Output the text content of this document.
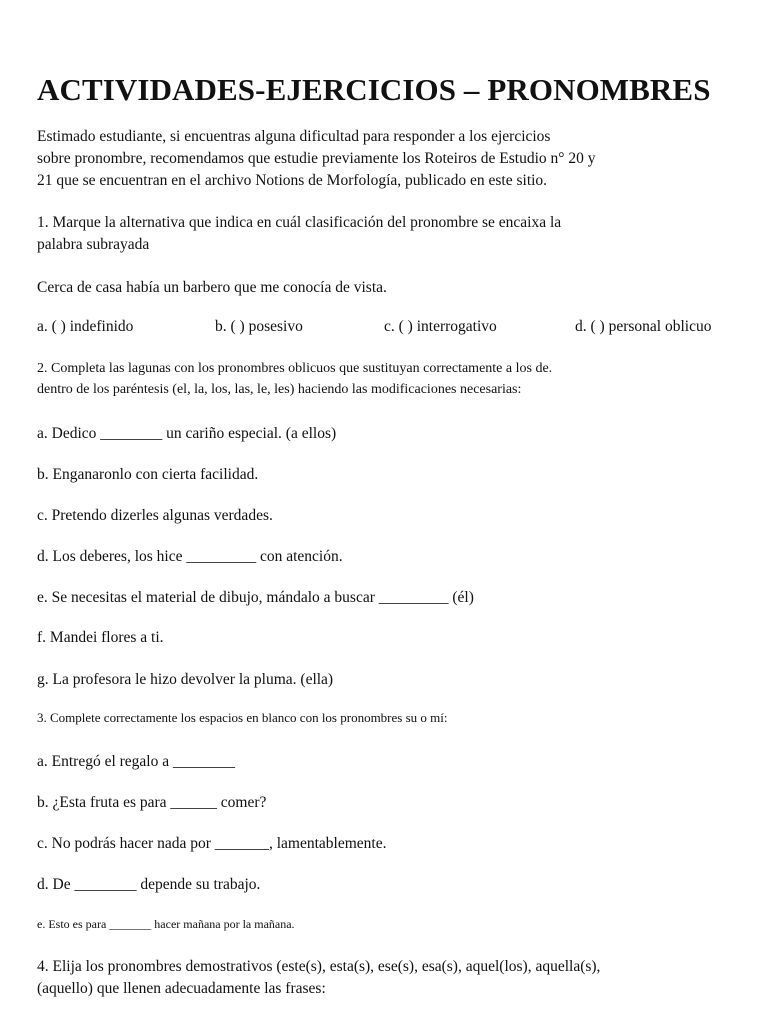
ACTIVIDADES-EJERCICIOS – PRONOMBRES
Estimado estudiante, si encuentras alguna dificultad para responder a los ejercicios
sobre pronombre, recomendamos que estudie previamente los Roteiros de Estudio n° 20 y
21 que se encuentran en el archivo Notions de Morfología, publicado en este sitio.
1. Marque la alternativa que indica en cuál clasificación del pronombre se encaixa la
palabra subrayada
Cerca de casa había un barbero que me conocía de vista.
a. ( ) indefinido	b. ( ) posesivo	c. ( ) interrogativo	d. ( ) personal oblicuo
2. Completa las lagunas con los pronombres oblicuos que sustituyan correctamente a los de.
dentro de los paréntesis (el, la, los, las, le, les) haciendo las modificaciones necesarias:
a. Dedico ________ un cariño especial. (a ellos)
b. Enganaronlo con cierta facilidad.
c. Pretendo dizerles algunas verdades.
d. Los deberes, los hice _________ con atención.
e. Se necesitas el material de dibujo, mándalo a buscar _________ (él)
f. Mandei flores a ti.
g. La profesora le hizo devolver la pluma. (ella)
3. Complete correctamente los espacios en blanco con los pronombres su o mí:
a. Entregó el regalo a ________
b. ¿Esta fruta es para ______ comer?
c. No podrás hacer nada por _______, lamentablemente.
d. De ________ depende su trabajo.
e. Esto es para _______ hacer mañana por la mañana.
4. Elija los pronombres demostrativos (este(s), esta(s), ese(s), esa(s), aquel(los), aquella(s),
(aquello) que llenen adecuadamente las frases:
